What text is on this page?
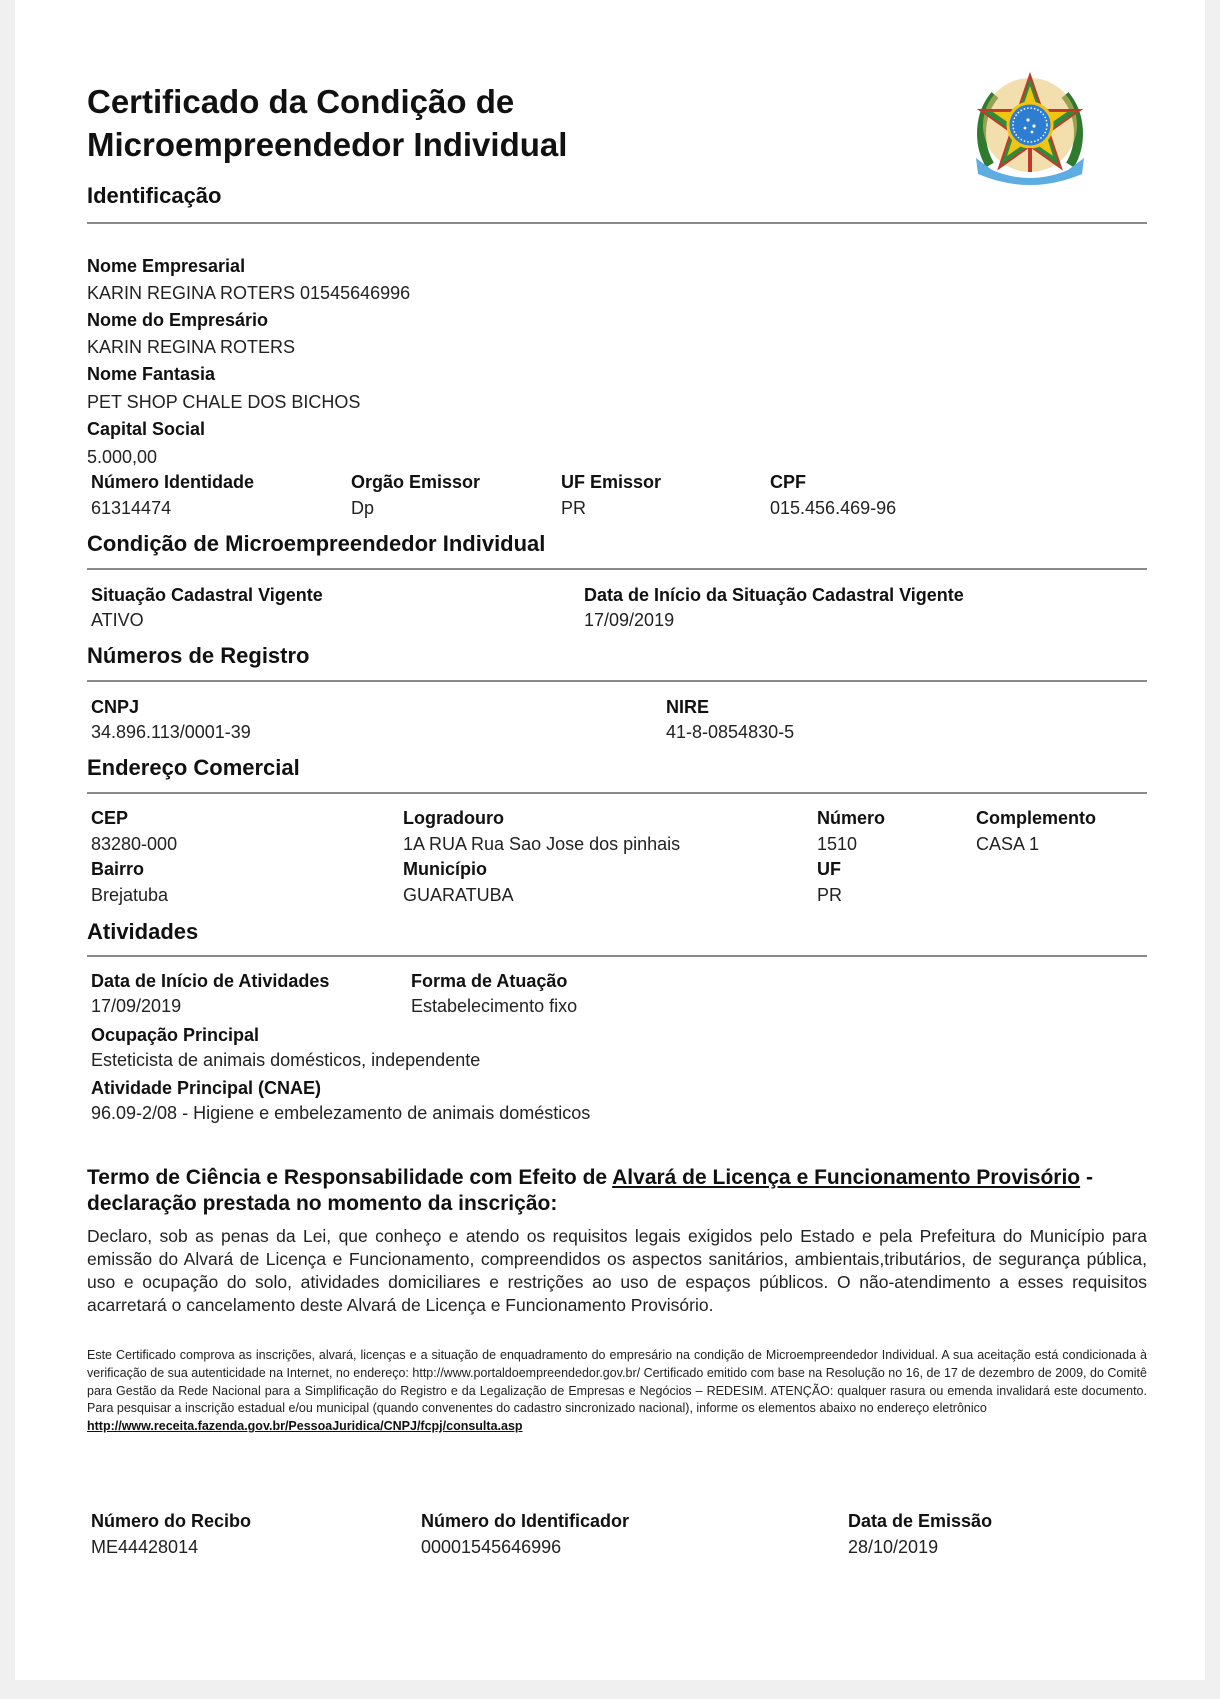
Certificado da Condição de
Microempreendedor Individual
Identificação
Nome Empresarial
KARIN REGINA ROTERS 01545646996
Nome do Empresário
KARIN REGINA ROTERS
Nome Fantasia
PET SHOP CHALE DOS BICHOS
Capital Social
5.000,00
Número Identidade
61314474
Orgão Emissor
Dp
UF Emissor
PR
CPF
015.456.469-96
Condição de Microempreendedor Individual
Situação Cadastral Vigente
ATIVO
Data de Início da Situação Cadastral Vigente
17/09/2019
Números de Registro
CNPJ
34.896.113/0001-39
NIRE
41-8-0854830-5
Endereço Comercial
CEP
83280-000
Logradouro
1A RUA Rua Sao Jose dos pinhais
Número
1510
Complemento
CASA 1
Bairro
Brejatuba
Município
GUARATUBA
UF
PR
Atividades
Data de Início de Atividades
17/09/2019
Forma de Atuação
Estabelecimento fixo
Ocupação Principal
Esteticista de animais domésticos, independente
Atividade Principal (CNAE)
96.09-2/08 - Higiene e embelezamento de animais domésticos
Termo de Ciência e Responsabilidade com Efeito de Alvará de Licença e Funcionamento Provisório - declaração prestada no momento da inscrição:
Declaro, sob as penas da Lei, que conheço e atendo os requisitos legais exigidos pelo Estado e pela Prefeitura do Município para emissão do Alvará de Licença e Funcionamento, compreendidos os aspectos sanitários, ambientais,tributários, de segurança pública, uso e ocupação do solo, atividades domiciliares e restrições ao uso de espaços públicos. O não-atendimento a esses requisitos acarretará o cancelamento deste Alvará de Licença e Funcionamento Provisório.
Este Certificado comprova as inscrições, alvará, licenças e a situação de enquadramento do empresário na condição de Microempreendedor Individual. A sua aceitação está condicionada à verificação de sua autenticidade na Internet, no endereço: http://www.portaldoempreendedor.gov.br/ Certificado emitido com base na Resolução no 16, de 17 de dezembro de 2009, do Comitê para Gestão da Rede Nacional para a Simplificação do Registro e da Legalização de Empresas e Negócios – REDESIM. ATENÇÃO: qualquer rasura ou emenda invalidará este documento. Para pesquisar a inscrição estadual e/ou municipal (quando convenentes do cadastro sincronizado nacional), informe os elementos abaixo no endereço eletrônico
http://www.receita.fazenda.gov.br/PessoaJuridica/CNPJ/fcpj/consulta.asp
Número do Recibo
ME44428014
Número do Identificador
00001545646996
Data de Emissão
28/10/2019
